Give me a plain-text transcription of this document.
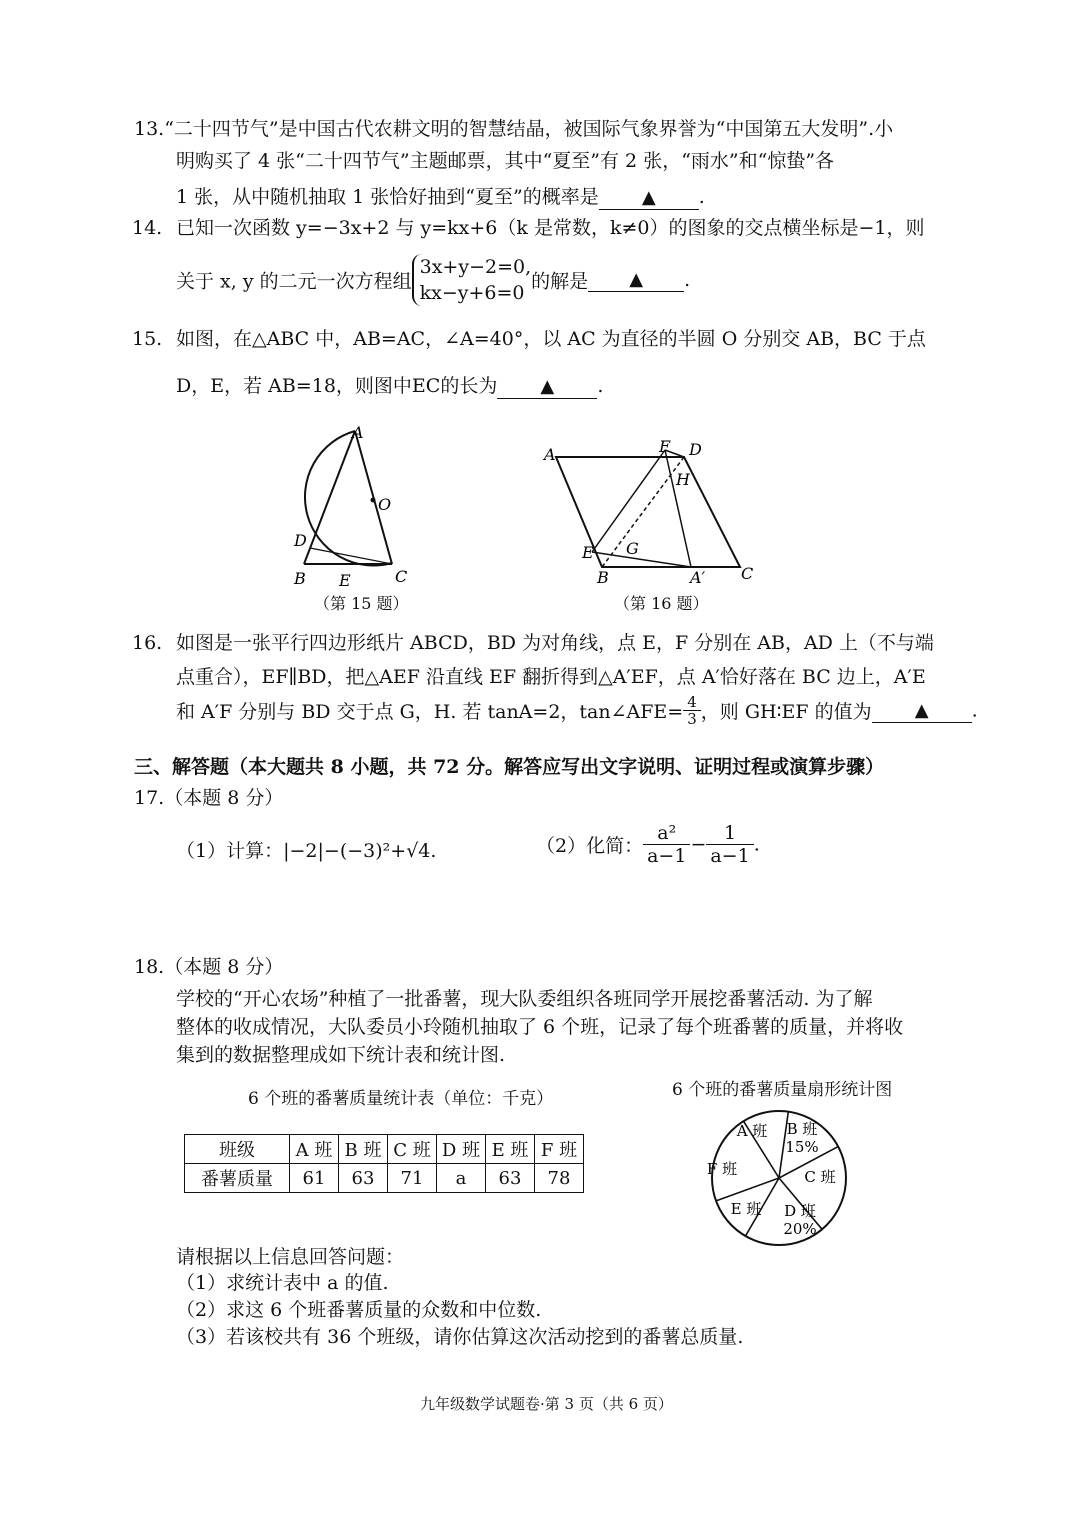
13.“二十四节气”是中国古代农耕文明的智慧结晶，被国际气象界誉为“中国第五大发明”.小
明购买了 4 张“二十四节气”主题邮票，其中“夏至”有 2 张，“雨水”和“惊蛰”各
1 张，从中随机抽取 1 张恰好抽到“夏至”的概率是 ▲ .
14. 已知一次函数 y=−3x+2 与 y=kx+6（k 是常数，k≠0）的图象的交点横坐标是−1，则
关于 x, y 的二元一次方程组
3x+y−2=0,
kx−y+6=0
的解是 ▲ .
15. 如图，在△ABC 中，AB=AC，∠A=40°，以 AC 为直径的半圆 O 分别交 AB，BC 于点
D，E，若 AB=18，则图中EC的长为 ▲ .
A
O
D
B E	C
（第 15 题）
A	F D
H
E G
B	A′ C
（第 16 题）
16. 如图是一张平行四边形纸片 ABCD，BD 为对角线，点 E，F 分别在 AB，AD 上（不与端
点重合），EF∥BD，把△AEF 沿直线 EF 翻折得到△A′EF，点 A′恰好落在 BC 边上，A′E
和 A′F 分别与 BD 交于点 G，H. 若 tanA=2，tan∠AFE= $\frac{4}{3}$ ，则 GH∶EF 的值为 ▲ .
三、解答题（本大题共 8 小题，共 72 分。解答应写出文字说明、证明过程或演算步骤）
17.（本题 8 分）
（1）计算：|−2|−(−3)²+√4.	（2）化简： $\frac{\text{a²}}{a-1} - \frac{1}{a-1}$ .
18.（本题 8 分）
学校的“开心农场”种植了一批番薯，现大队委组织各班同学开展挖番薯活动. 为了解
整体的收成情况，大队委员小玲随机抽取了 6 个班，记录了每个班番薯的质量，并将收
集到的数据整理成如下统计表和统计图.
6 个班的番薯质量统计表（单位：千克）
班级	A 班	B 班	C 班	D 班	E 班	F 班
番薯质量	61	63	71	a	63	78
6 个班的番薯质量扇形统计图
A 班 B 班
15%
C 班
D 班
20%
E 班
F 班
请根据以上信息回答问题：
（1）求统计表中 a 的值.
（2）求这 6 个班番薯质量的众数和中位数.
（3）若该校共有 36 个班级，请你估算这次活动挖到的番薯总质量.
九年级数学试题卷·第 3 页（共 6 页）
